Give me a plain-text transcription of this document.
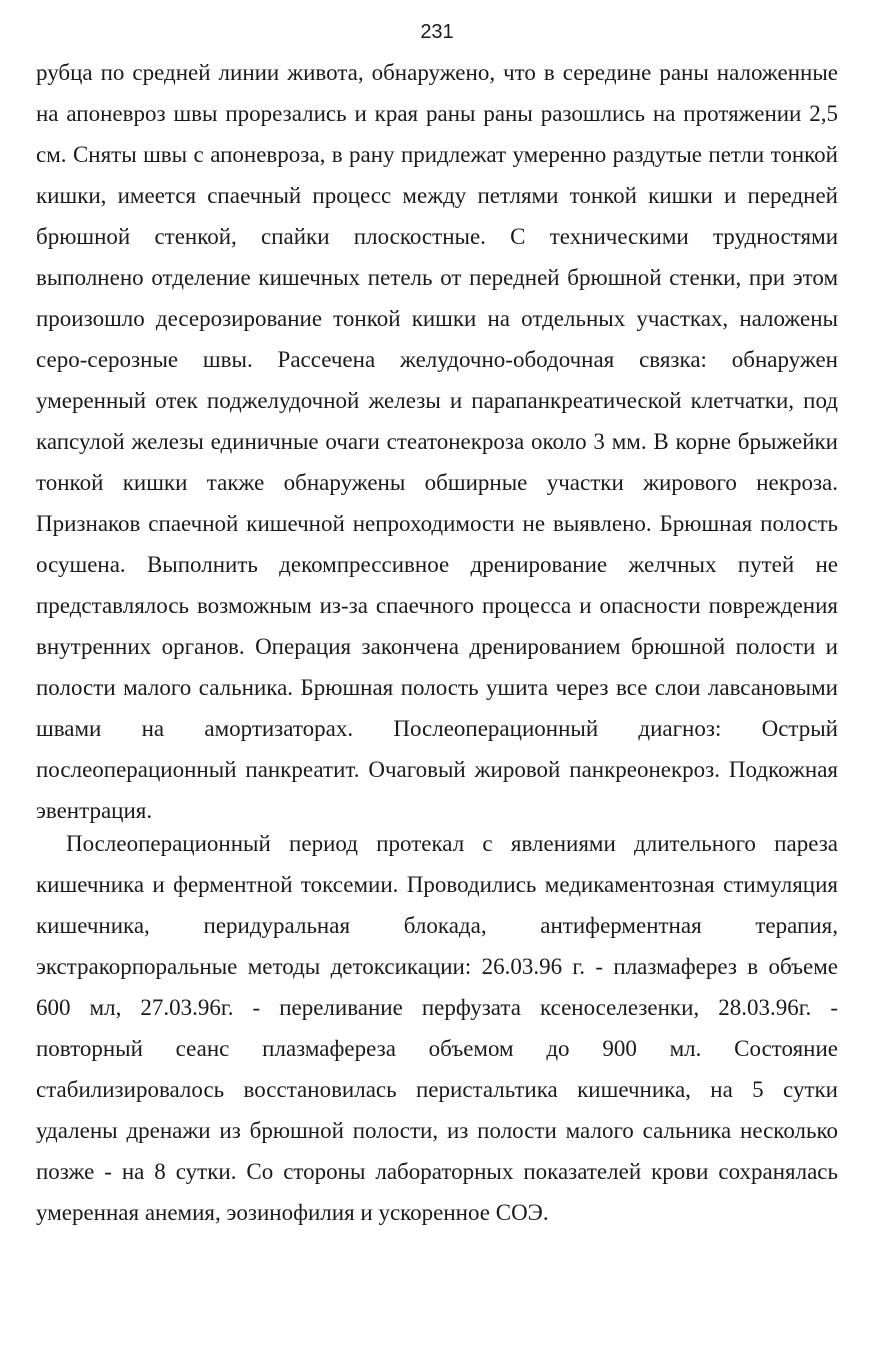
231

рубца по средней линии живота, обнаружено, что в середине раны наложенные на апоневроз швы прорезались и края раны раны разошлись на протяжении 2,5 см. Сняты швы с апоневроза, в рану придлежат умеренно раздутые петли тонкой кишки, имеется спаечный процесс между петлями тонкой кишки и передней брюшной стенкой, спайки плоскостные. С техническими трудностями выполнено отделение кишечных петель от передней брюшной стенки, при этом произошло десерозирование тонкой кишки на отдельных участках, наложены серо-серозные швы. Рассечена желудочно-ободочная связка: обнаружен умеренный отек поджелудочной железы и парапанкреатической клетчатки, под капсулой железы единичные очаги стеатонекроза около 3 мм. В корне брыжейки тонкой кишки также обнаружены обширные участки жирового некроза. Признаков спаечной кишечной непроходимости не выявлено. Брюшная полость осушена. Выполнить декомпрессивное дренирование желчных путей не представлялось возможным из-за спаечного процесса и опасности повреждения внутренних органов. Операция закончена дренированием брюшной полости и полости малого сальника. Брюшная полость ушита через все слои лавсановыми швами на амортизаторах. Послеоперационный диагноз: Острый послеоперационный панкреатит. Очаговый жировой панкреонекроз. Подкожная эвентрация.

Послеоперационный период протекал с явлениями длительного пареза кишечника и ферментной токсемии. Проводились медикаментозная стимуляция кишечника, перидуральная блокада, антиферментная терапия, экстракорпоральные методы детоксикации: 26.03.96 г. - плазмаферез в объеме 600 мл, 27.03.96г. - переливание перфузата ксеноселезенки, 28.03.96г. - повторный сеанс плазмафереза объемом до 900 мл. Состояние стабилизировалось восстановилась перистальтика кишечника, на 5 сутки удалены дренажи из брюшной полости, из полости малого сальника несколько позже - на 8 сутки. Со стороны лабораторных показателей крови сохранялась умеренная анемия, эозинофилия и ускоренное СОЭ.
